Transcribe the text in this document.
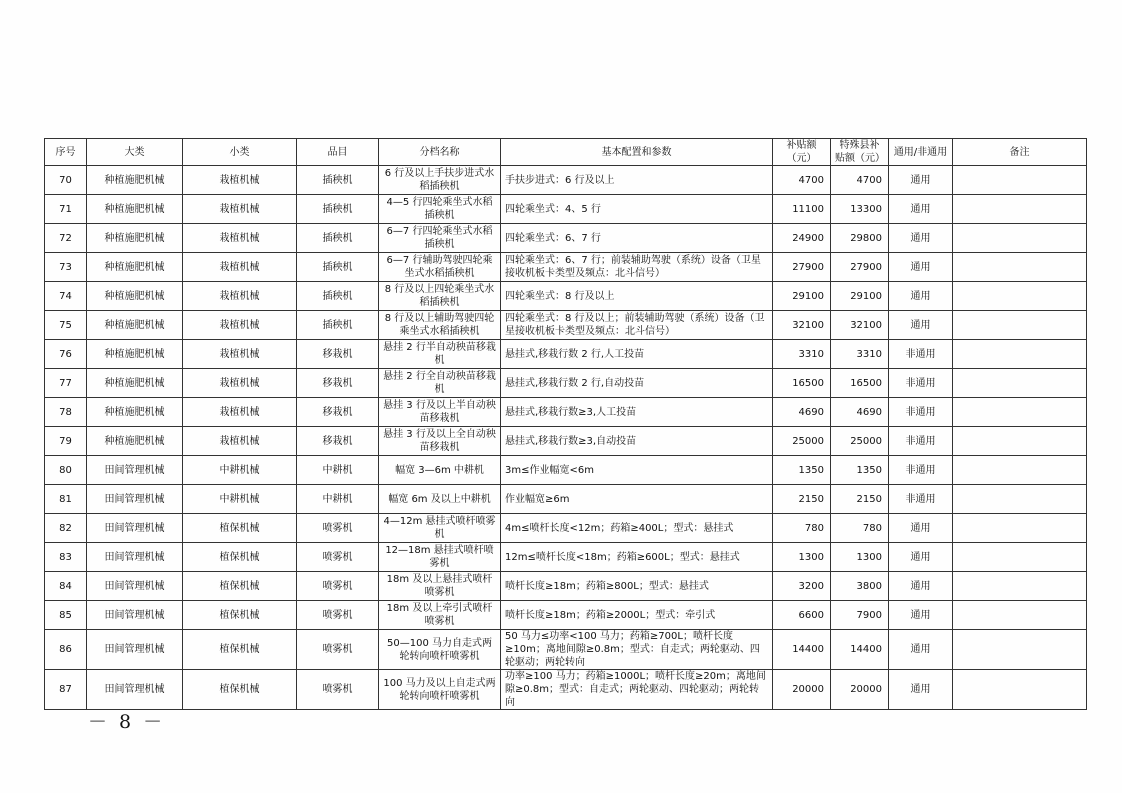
序号	大类	小类	品目	分档名称	基本配置和参数	补贴额（元）	特殊县补贴额（元）	通用/非通用	备注
70	种植施肥机械	栽植机械	插秧机	6 行及以上手扶步进式水稻插秧机	手扶步进式：6 行及以上	4700	4700	通用	
71	种植施肥机械	栽植机械	插秧机	4—5 行四轮乘坐式水稻插秧机	四轮乘坐式：4、5 行	11100	13300	通用	
72	种植施肥机械	栽植机械	插秧机	6—7 行四轮乘坐式水稻插秧机	四轮乘坐式：6、7 行	24900	29800	通用	
73	种植施肥机械	栽植机械	插秧机	6—7 行辅助驾驶四轮乘坐式水稻插秧机	四轮乘坐式：6、7 行；前装辅助驾驶（系统）设备（卫星接收机板卡类型及频点：北斗信号）	27900	27900	通用	
74	种植施肥机械	栽植机械	插秧机	8 行及以上四轮乘坐式水稻插秧机	四轮乘坐式：8 行及以上	29100	29100	通用	
75	种植施肥机械	栽植机械	插秧机	8 行及以上辅助驾驶四轮乘坐式水稻插秧机	四轮乘坐式：8 行及以上；前装辅助驾驶（系统）设备（卫星接收机板卡类型及频点：北斗信号）	32100	32100	通用	
76	种植施肥机械	栽植机械	移栽机	悬挂 2 行半自动秧苗移栽机	悬挂式,移栽行数 2 行,人工投苗	3310	3310	非通用	
77	种植施肥机械	栽植机械	移栽机	悬挂 2 行全自动秧苗移栽机	悬挂式,移栽行数 2 行,自动投苗	16500	16500	非通用	
78	种植施肥机械	栽植机械	移栽机	悬挂 3 行及以上半自动秧苗移栽机	悬挂式,移栽行数≥3,人工投苗	4690	4690	非通用	
79	种植施肥机械	栽植机械	移栽机	悬挂 3 行及以上全自动秧苗移栽机	悬挂式,移栽行数≥3,自动投苗	25000	25000	非通用	
80	田间管理机械	中耕机械	中耕机	幅宽 3—6m 中耕机	3m≤作业幅宽<6m	1350	1350	非通用	
81	田间管理机械	中耕机械	中耕机	幅宽 6m 及以上中耕机	作业幅宽≥6m	2150	2150	非通用	
82	田间管理机械	植保机械	喷雾机	4—12m 悬挂式喷杆喷雾机	4m≤喷杆长度<12m；药箱≥400L；型式：悬挂式	780	780	通用	
83	田间管理机械	植保机械	喷雾机	12—18m 悬挂式喷杆喷雾机	12m≤喷杆长度<18m；药箱≥600L；型式：悬挂式	1300	1300	通用	
84	田间管理机械	植保机械	喷雾机	18m 及以上悬挂式喷杆喷雾机	喷杆长度≥18m；药箱≥800L；型式：悬挂式	3200	3800	通用	
85	田间管理机械	植保机械	喷雾机	18m 及以上牵引式喷杆喷雾机	喷杆长度≥18m；药箱≥2000L；型式：牵引式	6600	7900	通用	
86	田间管理机械	植保机械	喷雾机	50—100 马力自走式两轮转向喷杆喷雾机	50 马力≤功率<100 马力；药箱≥700L；喷杆长度≥10m；离地间隙≥0.8m；型式：自走式；两轮驱动、四轮驱动；两轮转向	14400	14400	通用	
87	田间管理机械	植保机械	喷雾机	100 马力及以上自走式两轮转向喷杆喷雾机	功率≥100 马力；药箱≥1000L；喷杆长度≥20m；离地间隙≥0.8m；型式：自走式；两轮驱动、四轮驱动；两轮转向	20000	20000	通用	
－ 8 －
